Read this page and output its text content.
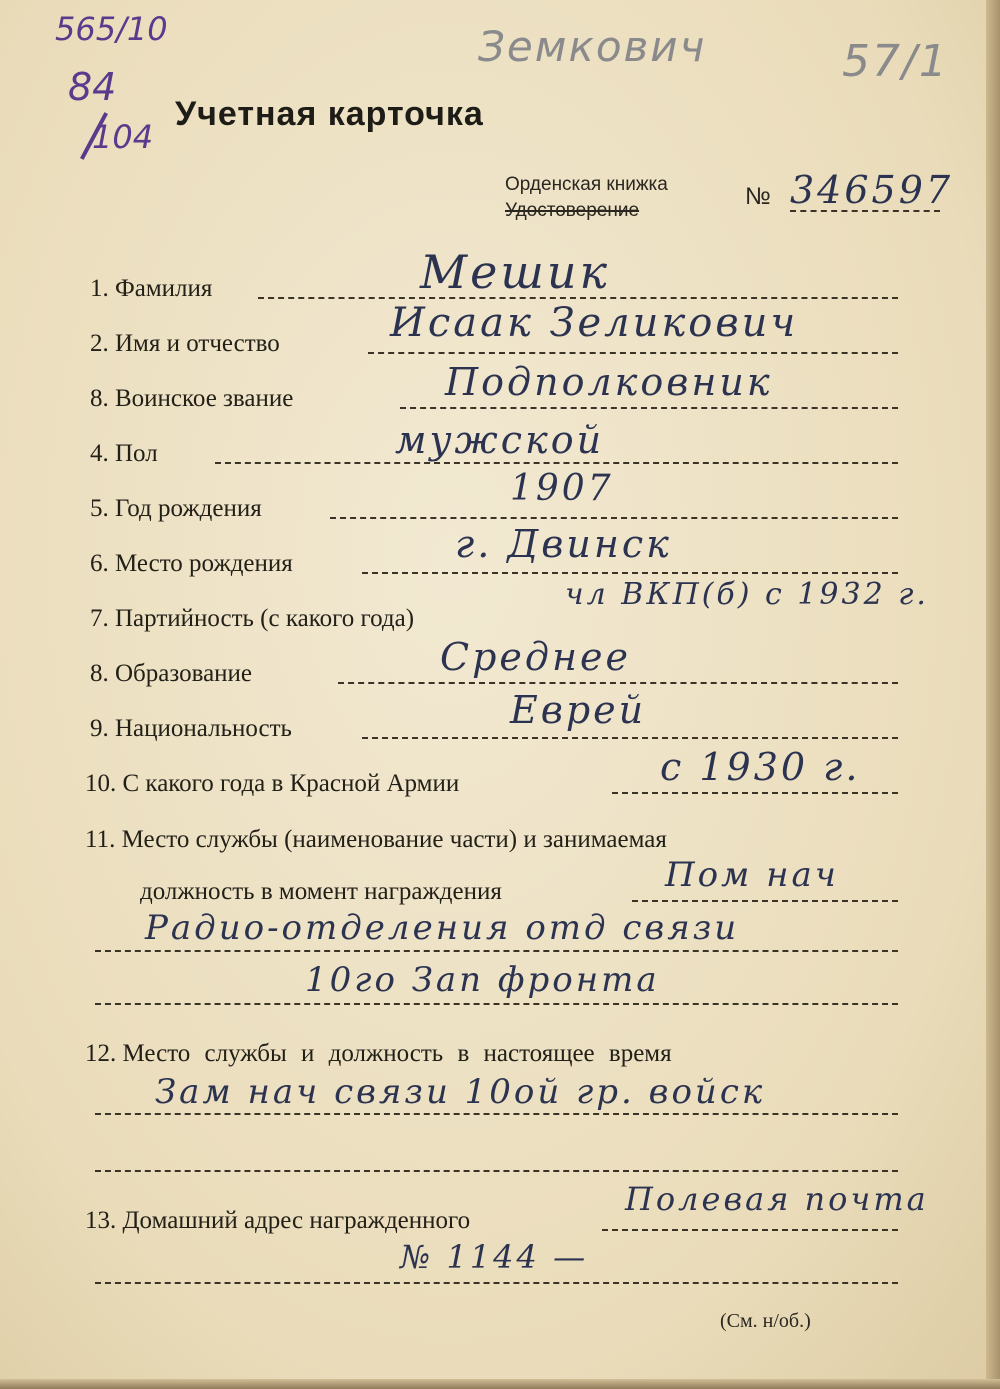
565/10
84
104
Земкович	57/1
Учетная карточка
Орденская книжка
Удостоверение
№ 346597
1. Фамилия	Мешик
2. Имя и отчество	Исаак Зеликович
8. Воинское звание	Подполковник
4. Пол	мужской
5. Год рождения	1907
6. Место рождения	г. Двинск
7. Партийность (с какого года)
чл ВКП(б) с 1932 г.
8. Образование	Среднее
9. Национальность	Еврей
10. С какого года в Красной Армии	с 1930 г.
11. Место службы (наименование части) и занимаемая
должность в момент награждения	Пом нач
Радио-отделения отд связи
10го Зап фронта
12. Место службы и должность в настоящее время
Зам нач связи 10ой гр. войск
13. Домашний адрес награжденного
Полевая почта
№ 1144 —
(См. н/об.)
